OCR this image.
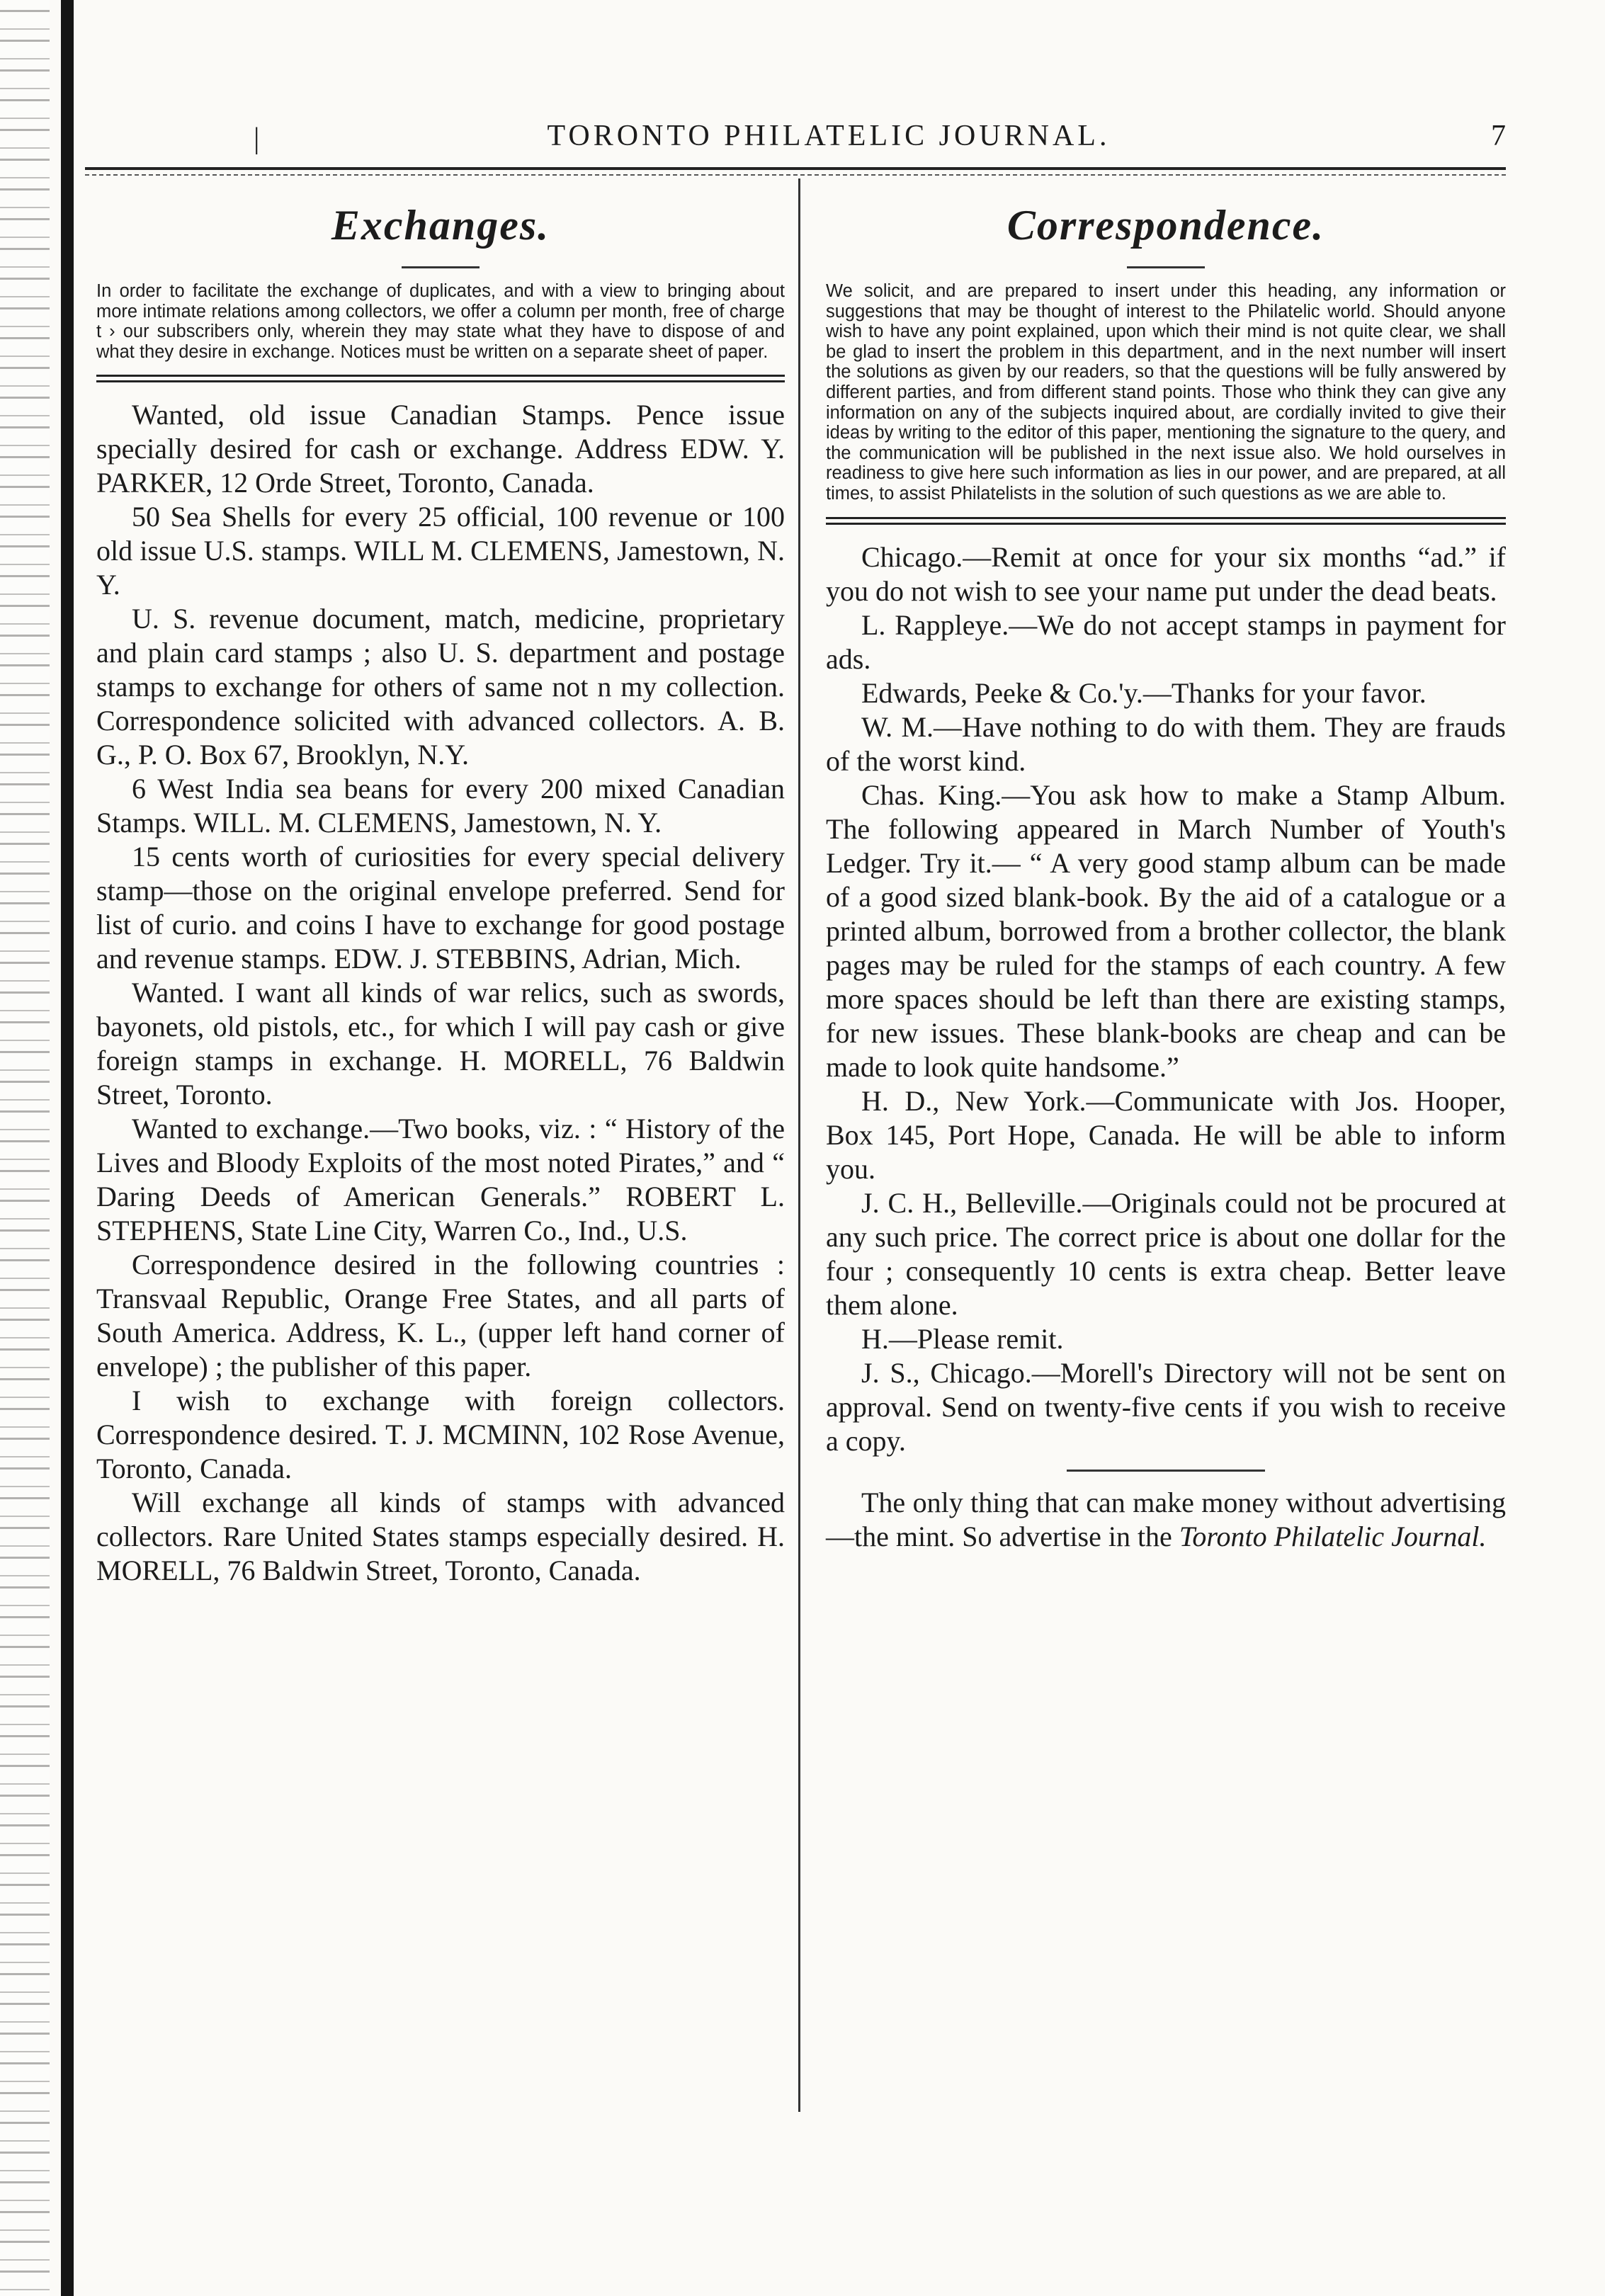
|	TORONTO PHILATELIC JOURNAL.	7
Exchanges.

In order to facilitate the exchange of duplicates, and with a view to bringing about more intimate relations among collectors, we offer a column per month, free of charge t › our subscribers only, wherein they may state what they have to dispose of and what they desire in exchange. Notices must be written on a separate sheet of paper.

Wanted, old issue Canadian Stamps. Pence issue specially desired for cash or exchange. Address EDW. Y. PARKER, 12 Orde Street, Toronto, Canada.

50 Sea Shells for every 25 official, 100 revenue or 100 old issue U.S. stamps. WILL M. CLEMENS, Jamestown, N. Y.

U. S. revenue document, match, medicine, proprietary and plain card stamps ; also U. S. department and postage stamps to exchange for others of same not n my collection. Correspondence solicited with advanced collectors. A. B. G., P. O. Box 67, Brooklyn, N.Y.

6 West India sea beans for every 200 mixed Canadian Stamps. WILL. M. CLEMENS, Jamestown, N. Y.

15 cents worth of curiosities for every special delivery stamp—those on the original envelope preferred. Send for list of curio. and coins I have to exchange for good postage and revenue stamps. EDW. J. STEBBINS, Adrian, Mich.

Wanted. I want all kinds of war relics, such as swords, bayonets, old pistols, etc., for which I will pay cash or give foreign stamps in exchange. H. MORELL, 76 Baldwin Street, Toronto.

Wanted to exchange.—Two books, viz. : “ History of the Lives and Bloody Exploits of the most noted Pirates,” and “ Daring Deeds of American Generals.” ROBERT L. STEPHENS, State Line City, Warren Co., Ind., U.S.

Correspondence desired in the following countries : Transvaal Republic, Orange Free States, and all parts of South America. Address, K. L., (upper left hand corner of envelope) ; the publisher of this paper.

I wish to exchange with foreign collectors. Correspondence desired. T. J. MCMINN, 102 Rose Avenue, Toronto, Canada.

Will exchange all kinds of stamps with advanced collectors. Rare United States stamps especially desired. H. MORELL, 76 Baldwin Street, Toronto, Canada.

Correspondence.

We solicit, and are prepared to insert under this heading, any information or suggestions that may be thought of interest to the Philatelic world. Should anyone wish to have any point explained, upon which their mind is not quite clear, we shall be glad to insert the problem in this department, and in the next number will insert the solutions as given by our readers, so that the questions will be fully answered by different parties, and from different stand points. Those who think they can give any information on any of the subjects inquired about, are cordially invited to give their ideas by writing to the editor of this paper, mentioning the signature to the query, and the communication will be published in the next issue also. We hold ourselves in readiness to give here such information as lies in our power, and are prepared, at all times, to assist Philatelists in the solution of such questions as we are able to.

Chicago.—Remit at once for your six months “ad.” if you do not wish to see your name put under the dead beats.

L. Rappleye.—We do not accept stamps in payment for ads.

Edwards, Peeke & Co.'y.—Thanks for your favor.

W. M.—Have nothing to do with them. They are frauds of the worst kind.

Chas. King.—You ask how to make a Stamp Album. The following appeared in March Number of Youth's Ledger. Try it.— “ A very good stamp album can be made of a good sized blank-book. By the aid of a catalogue or a printed album, borrowed from a brother collector, the blank pages may be ruled for the stamps of each country. A few more spaces should be left than there are existing stamps, for new issues. These blank-books are cheap and can be made to look quite handsome.”

H. D., New York.—Communicate with Jos. Hooper, Box 145, Port Hope, Canada. He will be able to inform you.

J. C. H., Belleville.—Originals could not be procured at any such price. The correct price is about one dollar for the four ; consequently 10 cents is extra cheap. Better leave them alone.

H.—Please remit.

J. S., Chicago.—Morell's Directory will not be sent on approval. Send on twenty-five cents if you wish to receive a copy.

The only thing that can make money without advertising—the mint. So advertise in the Toronto Philatelic Journal.
